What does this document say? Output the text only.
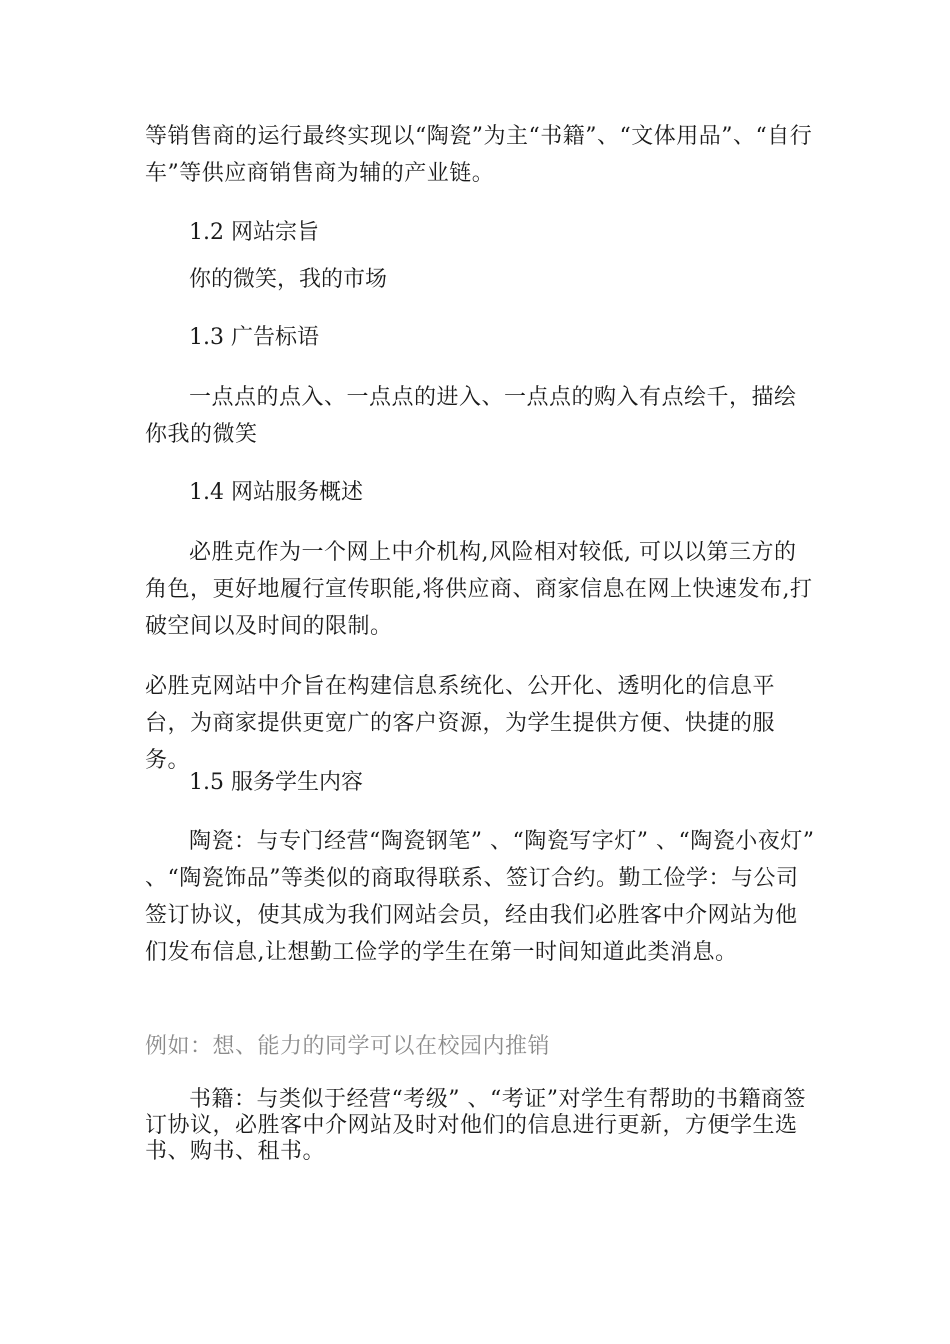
等销售商的运行最终实现以“陶瓷”为主“书籍”、“文体用品”、“自行车”等供应商销售商为辅的产业链。

1.2 网站宗旨

你的微笑，我的市场

1.3 广告标语

一点点的点入、一点点的进入、一点点的购入有点绘千，描绘你我的微笑

1.4 网站服务概述

必胜克作为一个网上中介机构,风险相对较低, 可以以第三方的角色，更好地履行宣传职能,将供应商、商家信息在网上快速发布,打破空间以及时间的限制。

必胜克网站中介旨在构建信息系统化、公开化、透明化的信息平台，为商家提供更宽广的客户资源，为学生提供方便、快捷的服务。

1.5 服务学生内容

陶瓷：与专门经营“陶瓷钢笔” 、“陶瓷写字灯” 、“陶瓷小夜灯” 、“陶瓷饰品”等类似的商取得联系、签订合约。勤工俭学：与公司签订协议，使其成为我们网站会员，经由我们必胜客中介网站为他们发布信息,让想勤工俭学的学生在第一时间知道此类消息。

例如：想、能力的同学可以在校园内推销

书籍：与类似于经营“考级” 、“考证”对学生有帮助的书籍商签订协议，必胜客中介网站及时对他们的信息进行更新，方便学生选书、购书、租书。
